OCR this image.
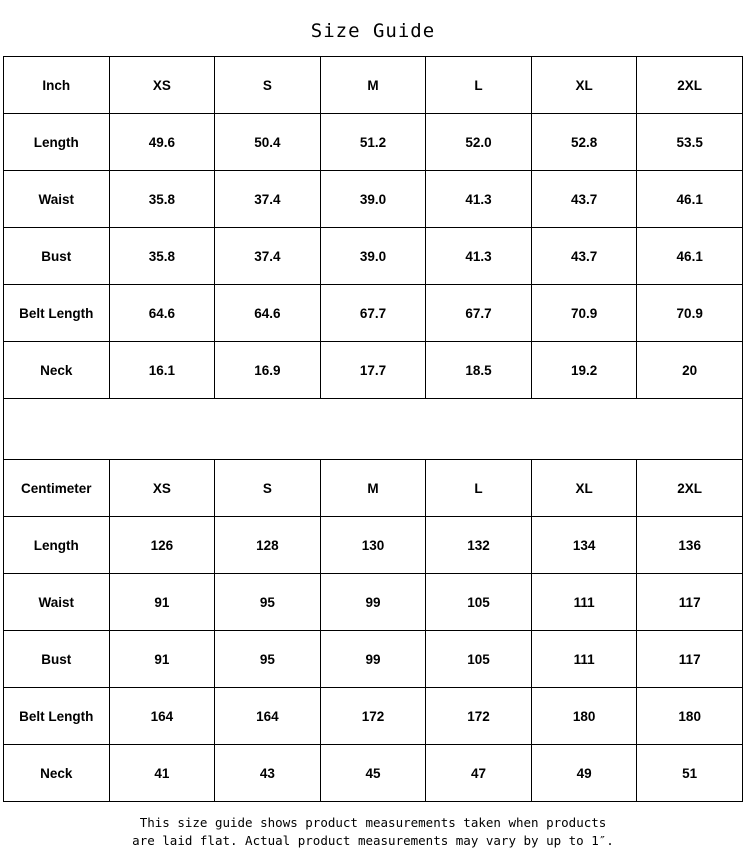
Size Guide
Inch	XS	S	M	L	XL	2XL
Length	49.6	50.4	51.2	52.0	52.8	53.5
Waist	35.8	37.4	39.0	41.3	43.7	46.1
Bust	35.8	37.4	39.0	41.3	43.7	46.1
Belt Length	64.6	64.6	67.7	67.7	70.9	70.9
Neck	16.1	16.9	17.7	18.5	19.2	20
Centimeter	XS	S	M	L	XL	2XL
Length	126	128	130	132	134	136
Waist	91	95	99	105	111	117
Bust	91	95	99	105	111	117
Belt Length	164	164	172	172	180	180
Neck	41	43	45	47	49	51
This size guide shows product measurements taken when products
are laid flat. Actual product measurements may vary by up to 1″.
